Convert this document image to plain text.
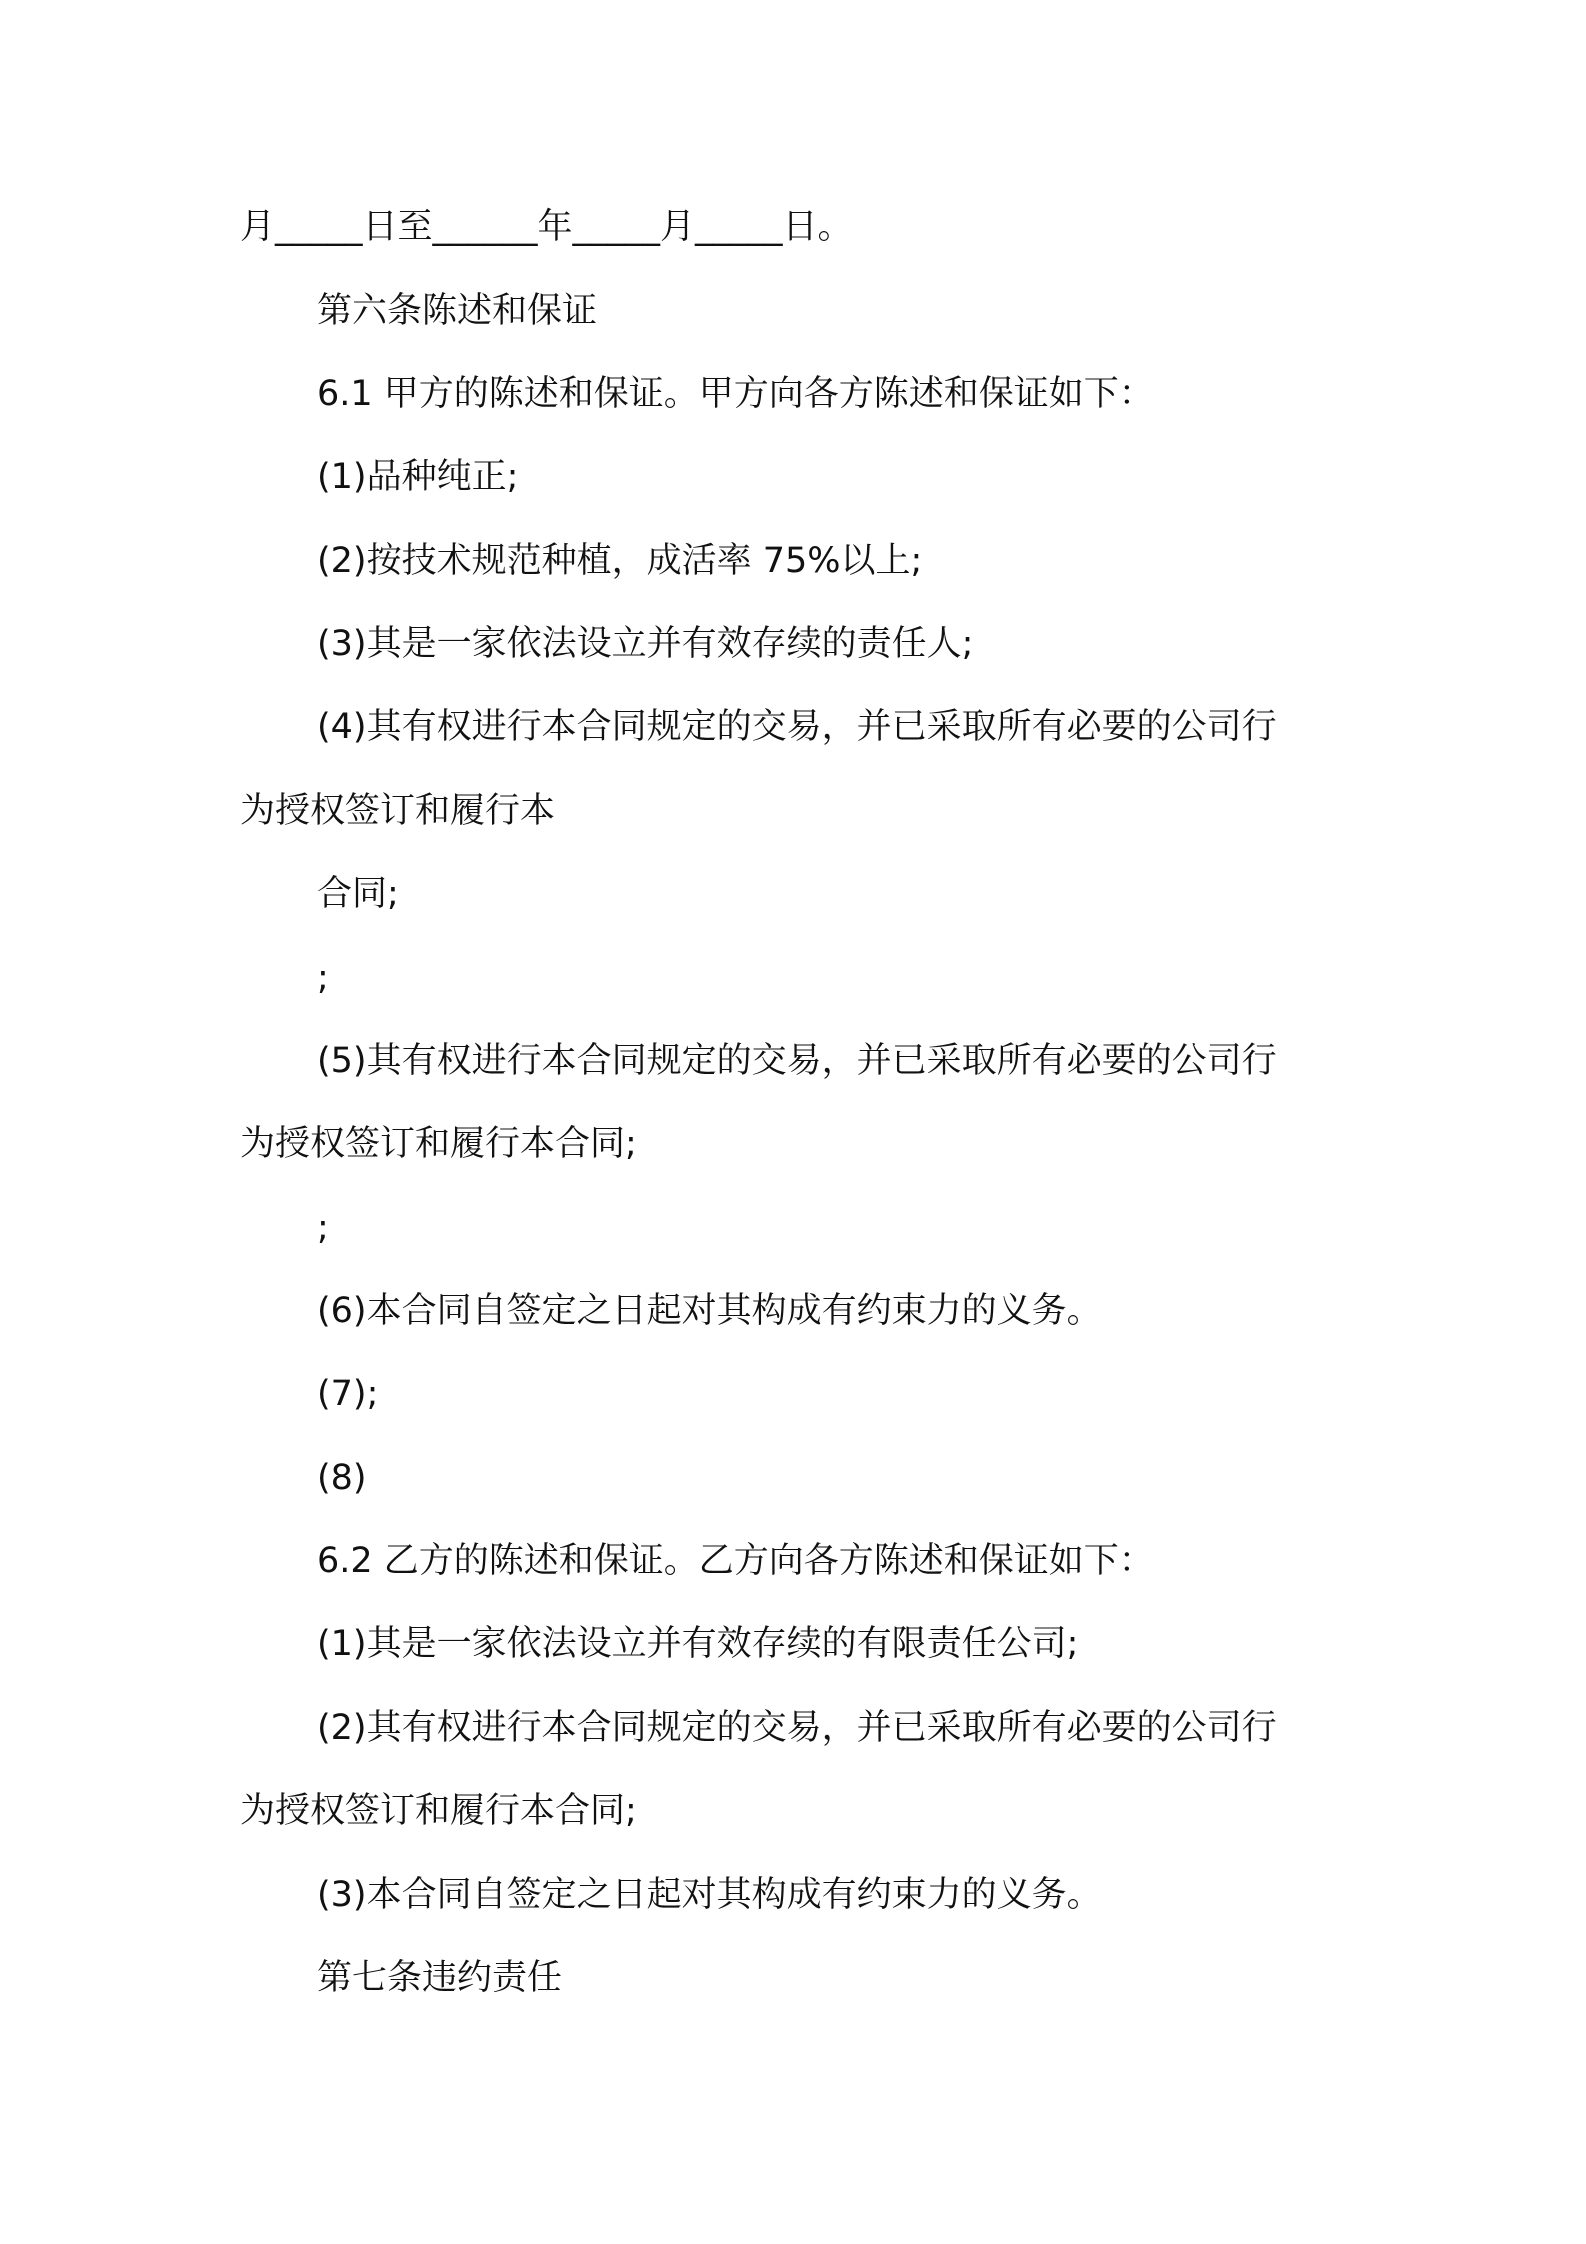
月_____日至______年_____月_____日。
第六条陈述和保证
6.1 甲方的陈述和保证。甲方向各方陈述和保证如下：
(1)品种纯正;
(2)按技术规范种植，成活率 75%以上;
(3)其是一家依法设立并有效存续的责任人;
(4)其有权进行本合同规定的交易，并已采取所有必要的公司行
为授权签订和履行本
合同;
;
(5)其有权进行本合同规定的交易，并已采取所有必要的公司行
为授权签订和履行本合同;
;
(6)本合同自签定之日起对其构成有约束力的义务。
(7);
(8)
6.2 乙方的陈述和保证。乙方向各方陈述和保证如下：
(1)其是一家依法设立并有效存续的有限责任公司;
(2)其有权进行本合同规定的交易，并已采取所有必要的公司行
为授权签订和履行本合同;
(3)本合同自签定之日起对其构成有约束力的义务。
第七条违约责任
